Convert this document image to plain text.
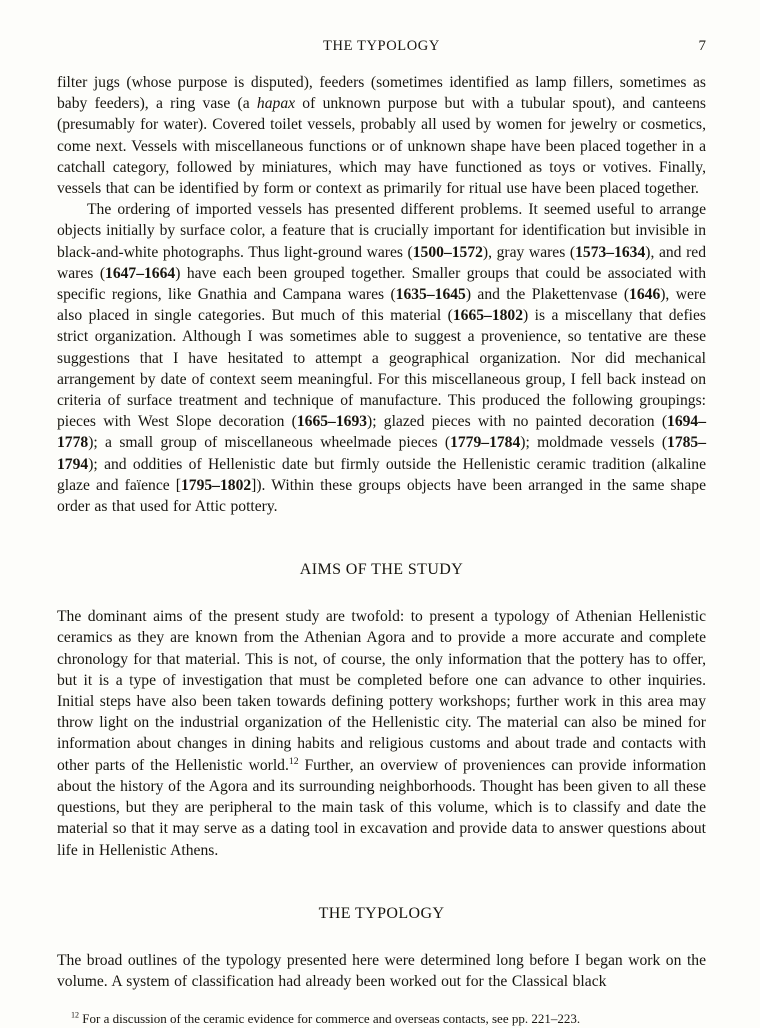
THE TYPOLOGY	7

filter jugs (whose purpose is disputed), feeders (sometimes identified as lamp fillers, sometimes as baby feeders), a ring vase (a hapax of unknown purpose but with a tubular spout), and canteens (presumably for water). Covered toilet vessels, probably all used by women for jewelry or cosmetics, come next. Vessels with miscellaneous functions or of unknown shape have been placed together in a catchall category, followed by miniatures, which may have functioned as toys or votives. Finally, vessels that can be identified by form or context as primarily for ritual use have been placed together.

The ordering of imported vessels has presented different problems. It seemed useful to arrange objects initially by surface color, a feature that is crucially important for identification but invisible in black-and-white photographs. Thus light-ground wares (1500–1572), gray wares (1573–1634), and red wares (1647–1664) have each been grouped together. Smaller groups that could be associated with specific regions, like Gnathia and Campana wares (1635–1645) and the Plakettenvase (1646), were also placed in single categories. But much of this material (1665–1802) is a miscellany that defies strict organization. Although I was sometimes able to suggest a provenience, so tentative are these suggestions that I have hesitated to attempt a geographical organization. Nor did mechanical arrangement by date of context seem meaningful. For this miscellaneous group, I fell back instead on criteria of surface treatment and technique of manufacture. This produced the following groupings: pieces with West Slope decoration (1665–1693); glazed pieces with no painted decoration (1694–1778); a small group of miscellaneous wheelmade pieces (1779–1784); moldmade vessels (1785–1794); and oddities of Hellenistic date but firmly outside the Hellenistic ceramic tradition (alkaline glaze and faïence [1795–1802]). Within these groups objects have been arranged in the same shape order as that used for Attic pottery.

AIMS OF THE STUDY

The dominant aims of the present study are twofold: to present a typology of Athenian Hellenistic ceramics as they are known from the Athenian Agora and to provide a more accurate and complete chronology for that material. This is not, of course, the only information that the pottery has to offer, but it is a type of investigation that must be completed before one can advance to other inquiries. Initial steps have also been taken towards defining pottery workshops; further work in this area may throw light on the industrial organization of the Hellenistic city. The material can also be mined for information about changes in dining habits and religious customs and about trade and contacts with other parts of the Hellenistic world.$^{12}$ Further, an overview of proveniences can provide information about the history of the Agora and its surrounding neighborhoods. Thought has been given to all these questions, but they are peripheral to the main task of this volume, which is to classify and date the material so that it may serve as a dating tool in excavation and provide data to answer questions about life in Hellenistic Athens.

THE TYPOLOGY

The broad outlines of the typology presented here were determined long before I began work on the volume. A system of classification had already been worked out for the Classical black

$^{12}$ For a discussion of the ceramic evidence for commerce and overseas contacts, see pp. 221–223.
